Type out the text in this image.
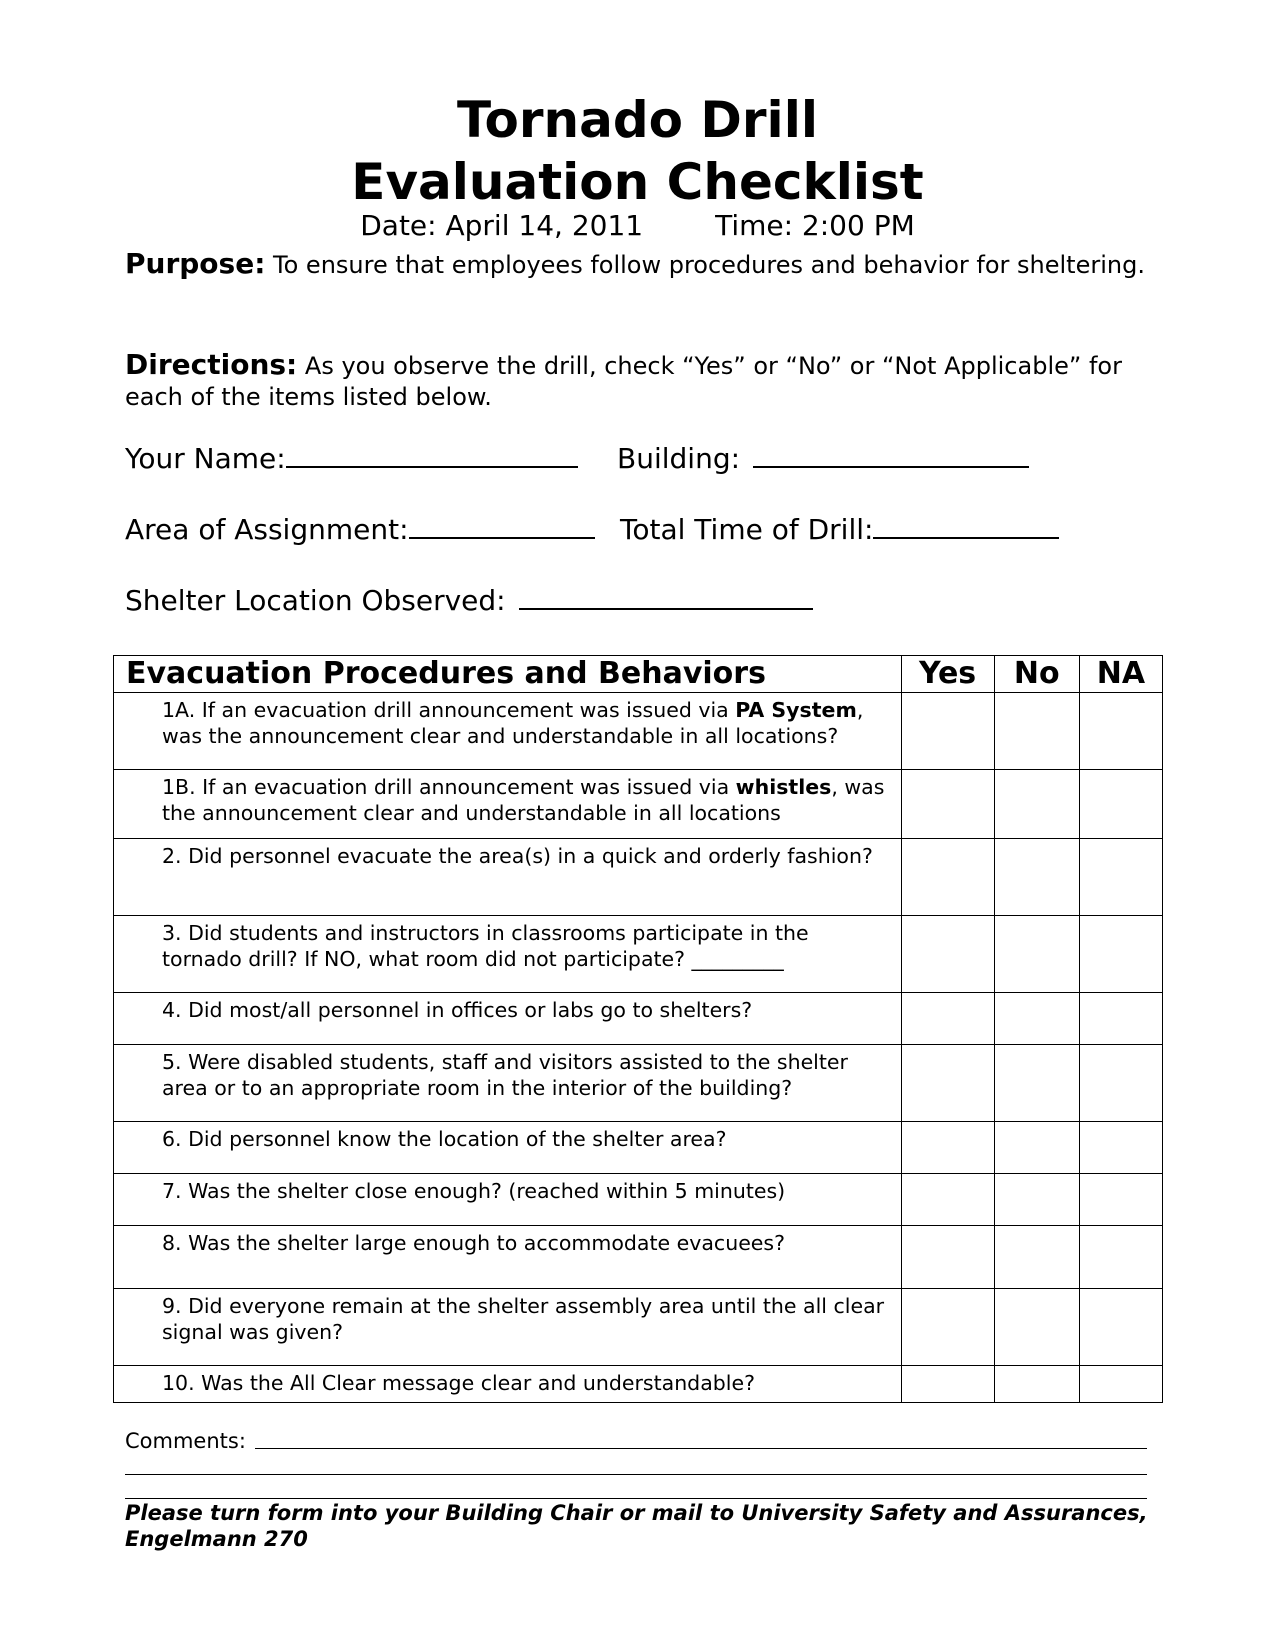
Tornado Drill
Evaluation Checklist
Date: April 14, 2011	Time: 2:00 PM
Purpose: To ensure that employees follow procedures and behavior for sheltering.
Directions: As you observe the drill, check “Yes” or “No” or “Not Applicable” for each of the items listed below.
Your Name:	Building:
Area of Assignment:	Total Time of Drill:
Shelter Location Observed:
Evacuation Procedures and Behaviors	Yes	No	NA

1A. If an evacuation drill announcement was issued via PA System, was the announcement clear and understandable in all locations?			

1B. If an evacuation drill announcement was issued via whistles, was the announcement clear and understandable in all locations			

2. Did personnel evacuate the area(s) in a quick and orderly fashion?			

3. Did students and instructors in classrooms participate in the tornado drill? If NO, what room did not participate? _________			

4. Did most/all personnel in offices or labs go to shelters?			

5. Were disabled students, staff and visitors assisted to the shelter area or to an appropriate room in the interior of the building?			

6. Did personnel know the location of the shelter area?			

7. Was the shelter close enough? (reached within 5 minutes)			

8. Was the shelter large enough to accommodate evacuees?			

9. Did everyone remain at the shelter assembly area until the all clear signal was given?			

10. Was the All Clear message clear and understandable?			

Comments:
Please turn form into your Building Chair or mail to University Safety and Assurances, Engelmann 270
